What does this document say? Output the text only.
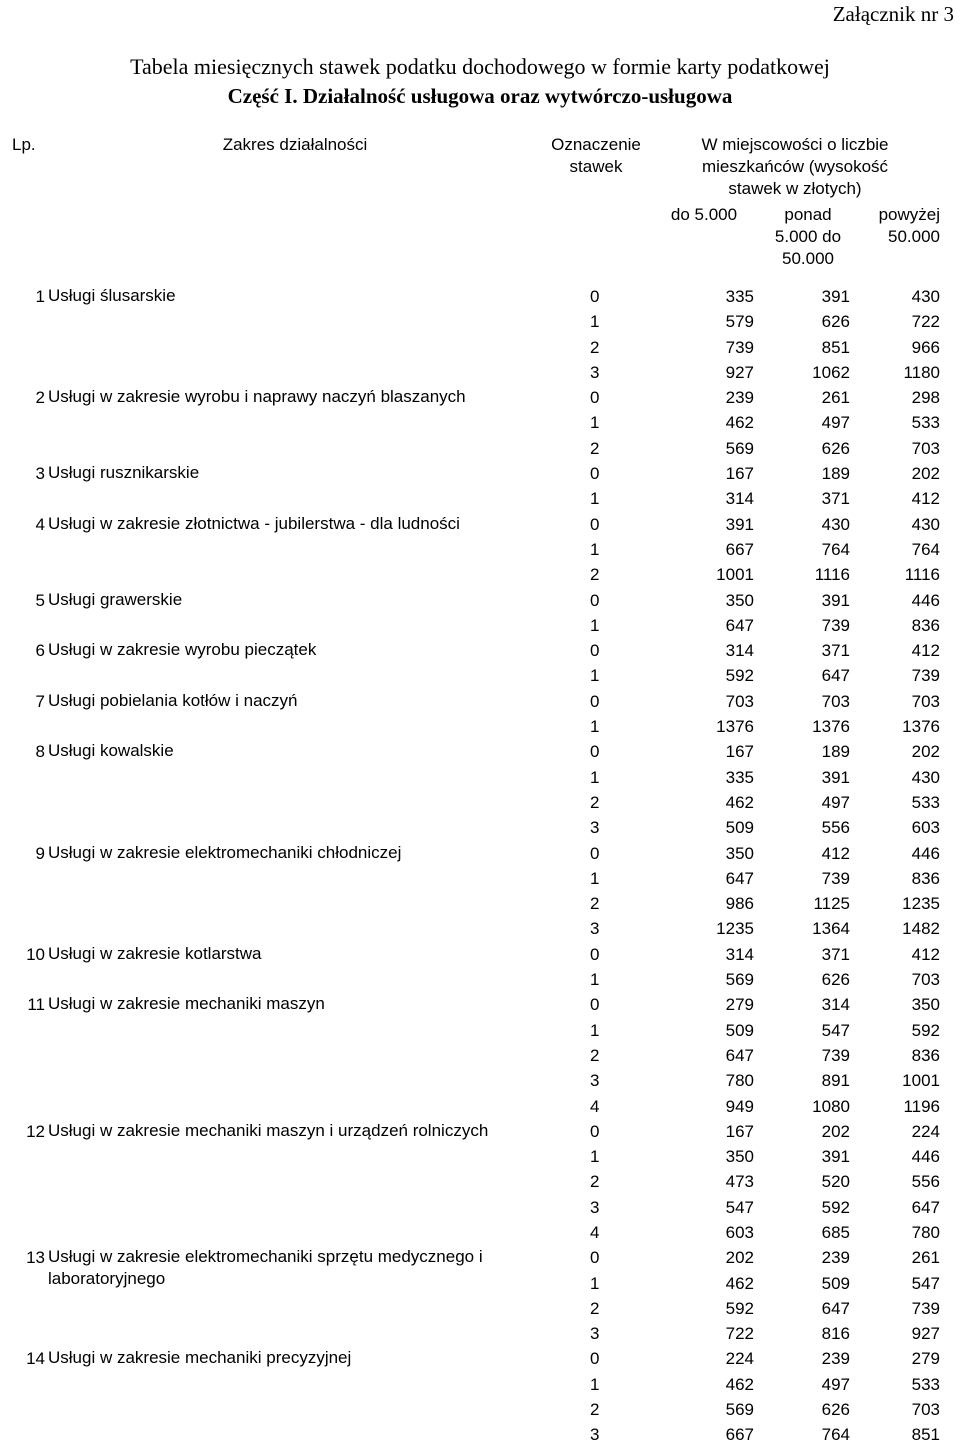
Załącznik nr 3
Tabela miesięcznych stawek podatku dochodowego w formie karty podatkowej
Część I. Działalność usługowa oraz wytwórczo-usługowa
Lp.	Zakres działalności	Oznaczenie stawek	W miejscowości o liczbie mieszkańców (wysokość stawek w złotych)		

			do 5.000	ponad 5.000 do 50.000	powyżej 50.000

1	Usługi ślusarskie	0	335	391	430
		1	579	626	722
		2	739	851	966
		3	927	1062	1180
2	Usługi w zakresie wyrobu i naprawy naczyń blaszanych	0	239	261	298
		1	462	497	533
		2	569	626	703
3	Usługi rusznikarskie	0	167	189	202
		1	314	371	412
4	Usługi w zakresie złotnictwa - jubilerstwa - dla ludności	0	391	430	430
		1	667	764	764
		2	1001	1116	1116
5	Usługi grawerskie	0	350	391	446
		1	647	739	836
6	Usługi w zakresie wyrobu pieczątek	0	314	371	412
		1	592	647	739
7	Usługi pobielania kotłów i naczyń	0	703	703	703
		1	1376	1376	1376
8	Usługi kowalskie	0	167	189	202
		1	335	391	430
		2	462	497	533
		3	509	556	603
9	Usługi w zakresie elektromechaniki chłodniczej	0	350	412	446
		1	647	739	836
		2	986	1125	1235
		3	1235	1364	1482
10	Usługi w zakresie kotlarstwa	0	314	371	412
		1	569	626	703
11	Usługi w zakresie mechaniki maszyn	0	279	314	350
		1	509	547	592
		2	647	739	836
		3	780	891	1001
		4	949	1080	1196
12	Usługi w zakresie mechaniki maszyn i urządzeń rolniczych	0	167	202	224
		1	350	391	446
		2	473	520	556
		3	547	592	647
		4	603	685	780
13	Usługi w zakresie elektromechaniki sprzętu medycznego i laboratoryjnego	0	202	239	261
		1	462	509	547
		2	592	647	739
		3	722	816	927
14	Usługi w zakresie mechaniki precyzyjnej	0	224	239	279
		1	462	497	533
		2	569	626	703
		3	667	764	851
